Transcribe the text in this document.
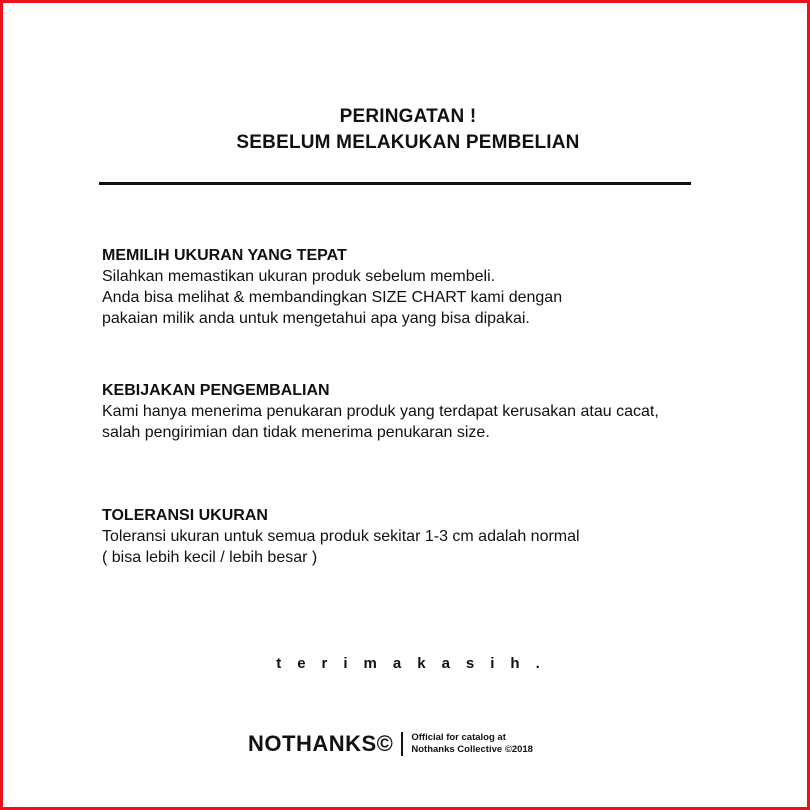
PERINGATAN !
SEBELUM MELAKUKAN PEMBELIAN
MEMILIH UKURAN YANG TEPAT
Silahkan memastikan ukuran produk sebelum membeli.
Anda bisa melihat & membandingkan SIZE CHART kami dengan
pakaian milik anda untuk mengetahui apa yang bisa dipakai.
KEBIJAKAN PENGEMBALIAN
Kami hanya menerima penukaran produk yang terdapat kerusakan atau cacat,
salah pengirimian dan tidak menerima penukaran size.
TOLERANSI UKURAN
Toleransi ukuran untuk semua produk sekitar 1-3 cm adalah normal
( bisa lebih kecil / lebih besar )
terimakasih.
NOTHANKS© Official for catalog at
Nothanks Collective ©2018
